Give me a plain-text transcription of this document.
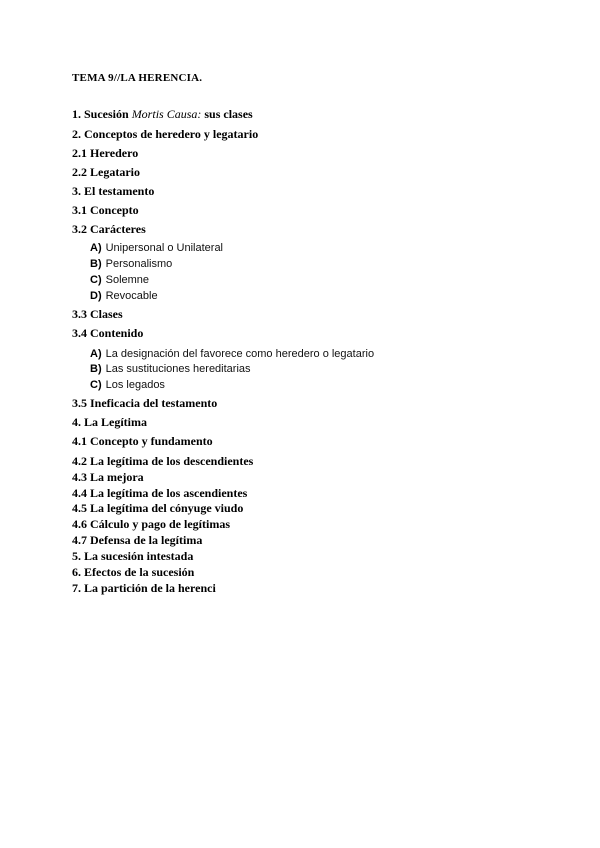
TEMA 9//LA HERENCIA.
1. Sucesión Mortis Causa: sus clases
2. Conceptos de heredero y legatario
2.1 Heredero
2.2 Legatario
3. El testamento
3.1 Concepto
3.2 Carácteres
A) Unipersonal o Unilateral
B) Personalismo
C) Solemne
D) Revocable
3.3 Clases
3.4 Contenido
A) La designación del favorece como heredero o legatario
B) Las sustituciones hereditarias
C) Los legados
3.5 Ineficacia del testamento
4. La Legítima
4.1 Concepto y fundamento
4.2 La legítima de los descendientes
4.3 La mejora
4.4 La legítima de los ascendientes
4.5 La legítima del cónyuge viudo
4.6 Cálculo y pago de legítimas
4.7 Defensa de la legítima
5. La sucesión intestada
6. Efectos de la sucesión
7. La partición de la herenci
